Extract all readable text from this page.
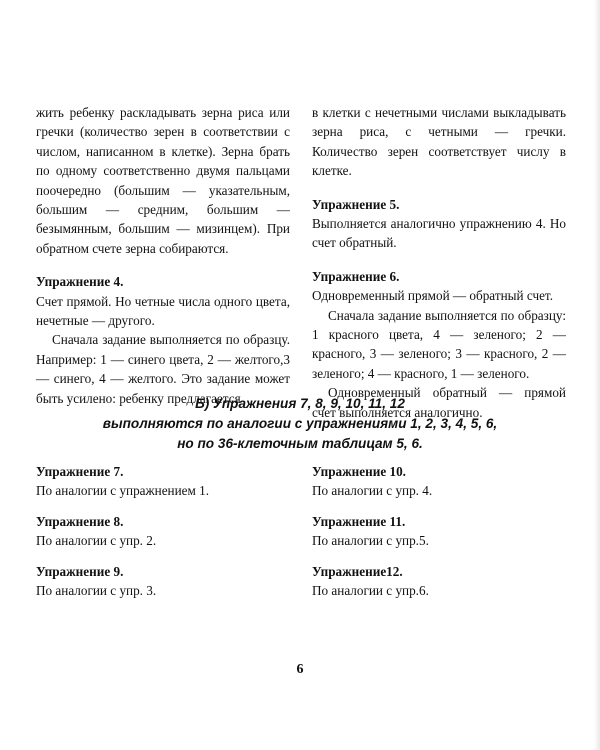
жить ребенку раскладывать зерна риса или гречки (количество зерен в соответствии с числом, написанном в клетке). Зерна брать по одному соответственно двумя пальцами поочередно (большим — указательным, большим — средним, большим — безымянным, большим — мизинцем). При обратном счете зерна собираются.

Упражнение 4.

Счет прямой. Но четные числа одного цвета, нечетные — другого.

Сначала задание выполняется по образцу. Например: 1 — синего цвета, 2 — желтого,3 — синего, 4 — желтого. Это задание может быть усилено: ребенку предлагается

в клетки с нечетными числами выкладывать зерна риса, с четными — гречки. Количество зерен соответствует числу в клетке.

Упражнение 5.

Выполняется аналогично упражнению 4. Но счет обратный.

Упражнение 6.

Одновременный прямой — обратный счет.

Сначала задание выполняется по образцу: 1 красного цвета, 4 — зеленого; 2 — красного, 3 — зеленого; 3 — красного, 2 — зеленого; 4 — красного, 1 — зеленого.

Одновременный обратный — прямой счет выполняется аналогично.

Б) Упражнения 7, 8, 9, 10, 11, 12
выполняются по аналогии с упражнениями 1, 2, 3, 4, 5, 6,
но по 36-клеточным таблицам 5, 6.
Упражнение 7.

По аналогии с упражнением 1.

Упражнение 8.

По аналогии с упр. 2.

Упражнение 9.

По аналогии с упр. 3.

Упражнение 10.

По аналогии с упр. 4.

Упражнение 11.

По аналогии с упр.5.

Упражнение12.

По аналогии с упр.6.

6
